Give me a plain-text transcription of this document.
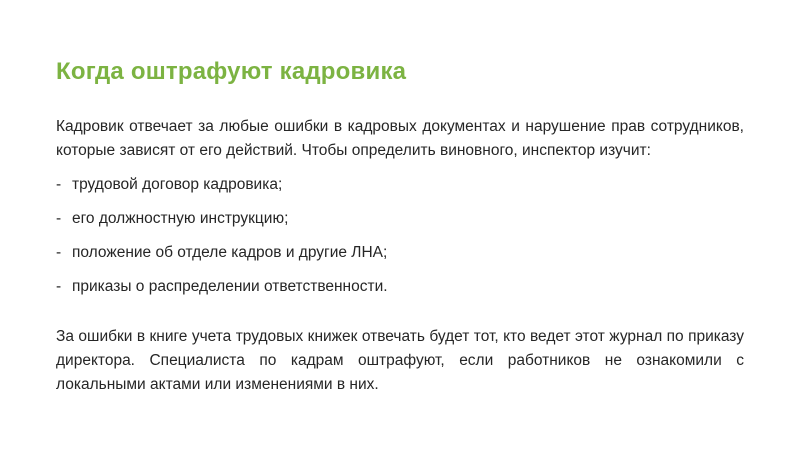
Когда оштрафуют кадровика

Кадровик отвечает за любые ошибки в кадровых документах и нарушение прав сотрудников, которые зависят от его действий. Чтобы определить виновного, инспектор изучит:

- трудовой договор кадровика;
- его должностную инструкцию;
- положение об отделе кадров и другие ЛНА;
- приказы о распределении ответственности.

За ошибки в книге учета трудовых книжек отвечать будет тот, кто ведет этот журнал по приказу директора. Специалиста по кадрам оштрафуют, если работников не ознакомили с локальными актами или изменениями в них.
